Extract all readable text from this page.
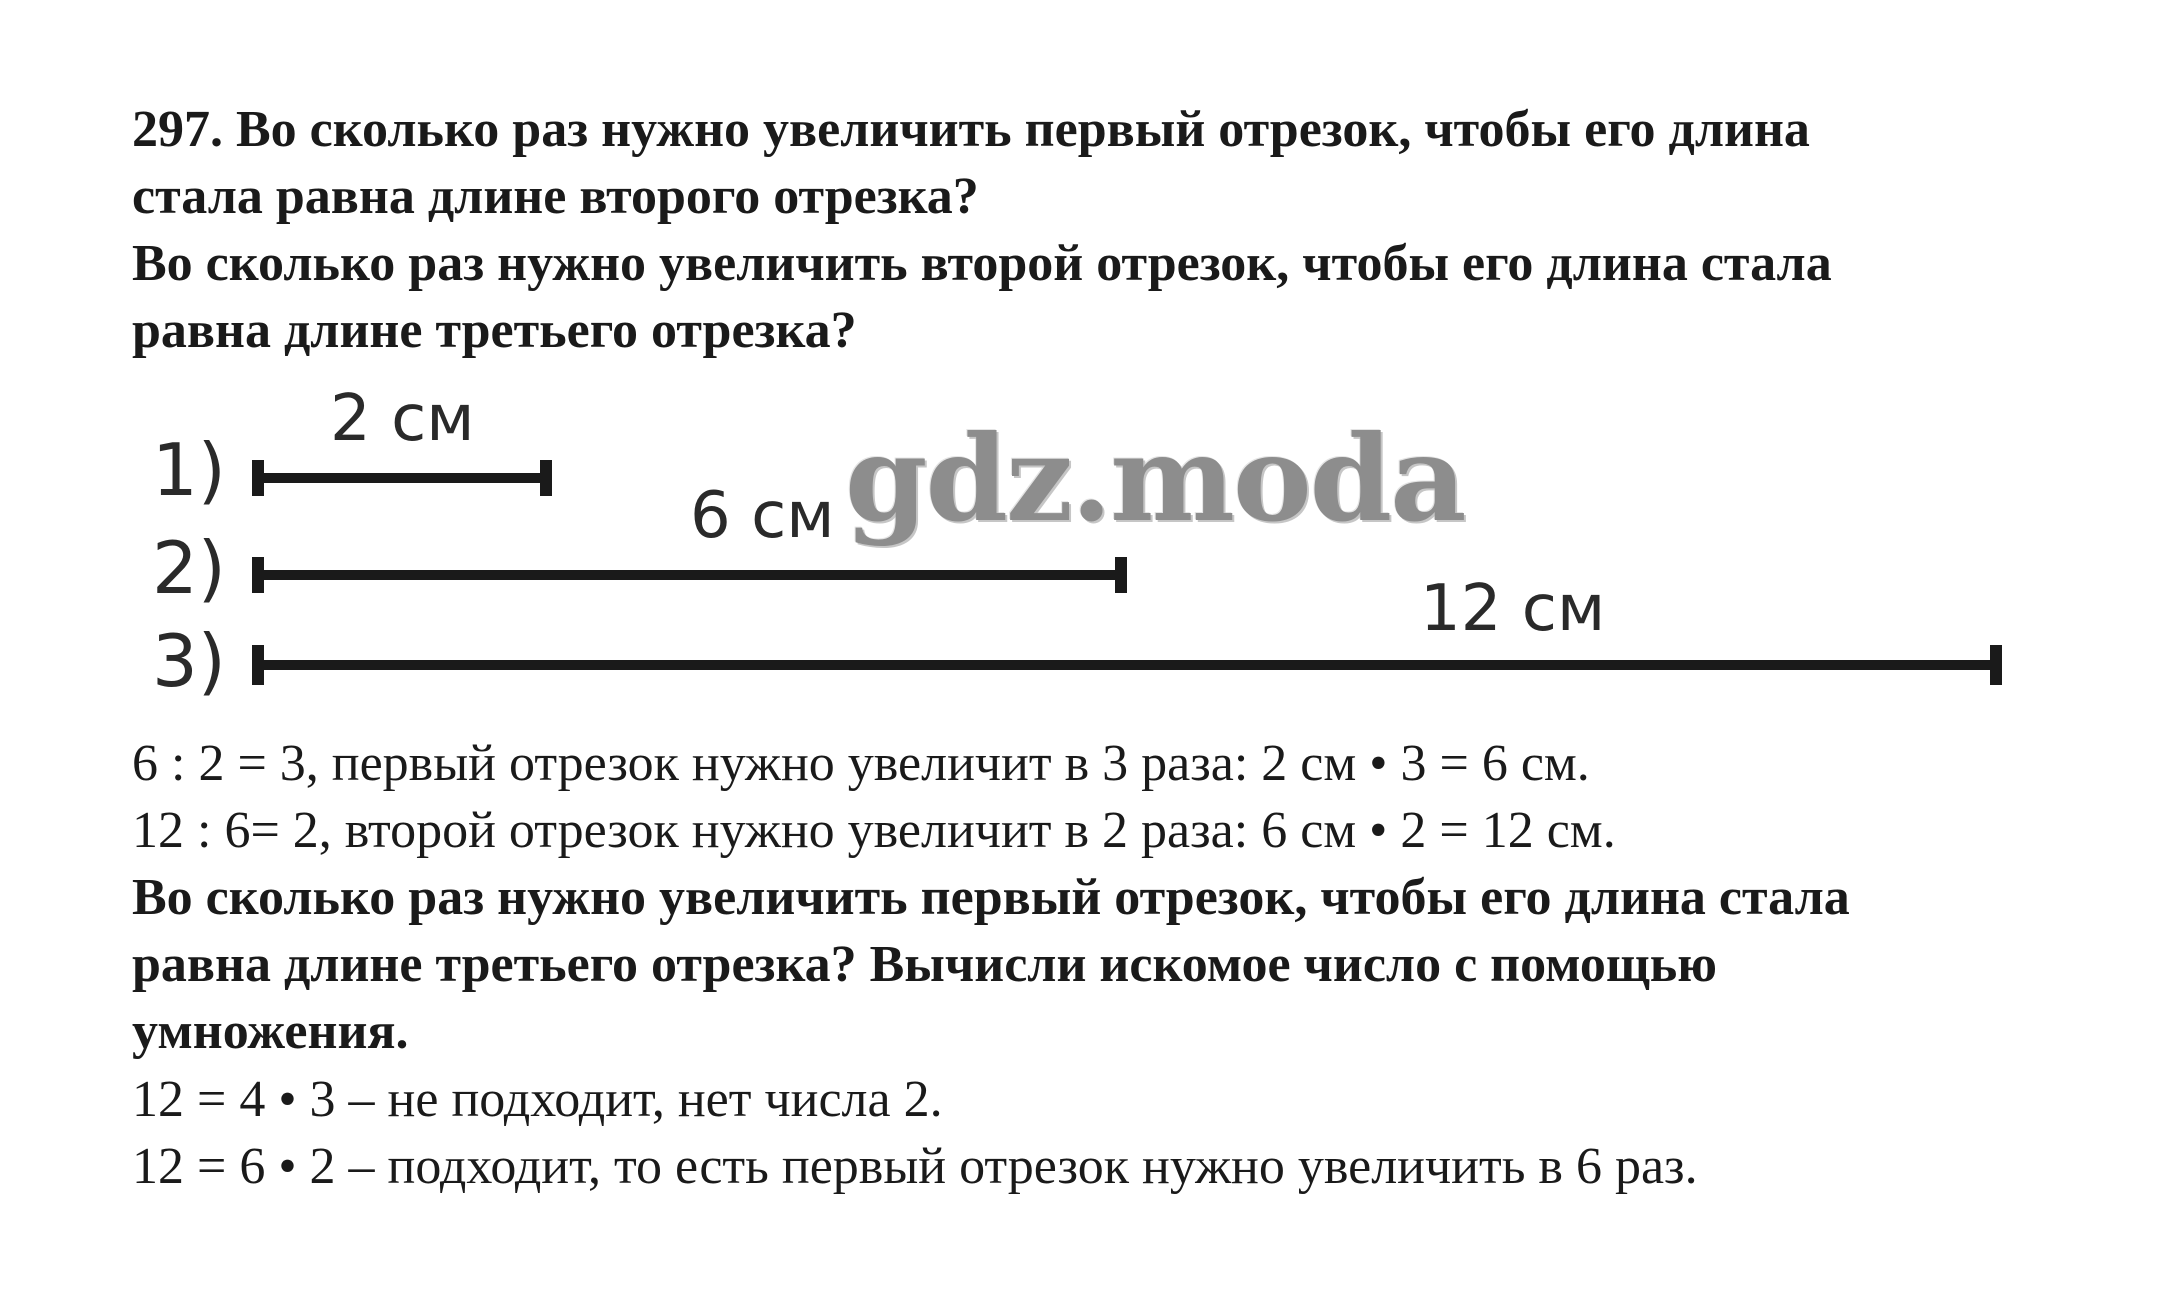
297. Во сколько раз нужно увеличить первый отрезок, чтобы его длина

стала равна длине второго отрезка?

Во сколько раз нужно увеличить второй отрезок, чтобы его длина стала

равна длине третьего отрезка?

1)
2 см
2)
6 см
3)
12 см
gdz.moda

6 : 2 = 3, первый отрезок нужно увеличит в 3 раза: 2 см • 3 = 6 см.

12 : 6= 2, второй отрезок нужно увеличит в 2 раза: 6 см • 2 = 12 см.

Во сколько раз нужно увеличить первый отрезок, чтобы его длина стала

равна длине третьего отрезка? Вычисли искомое число с помощью

умножения.

12 = 4 • 3 – не подходит, нет числа 2.

12 = 6 • 2 – подходит, то есть первый отрезок нужно увеличить в 6 раз.
